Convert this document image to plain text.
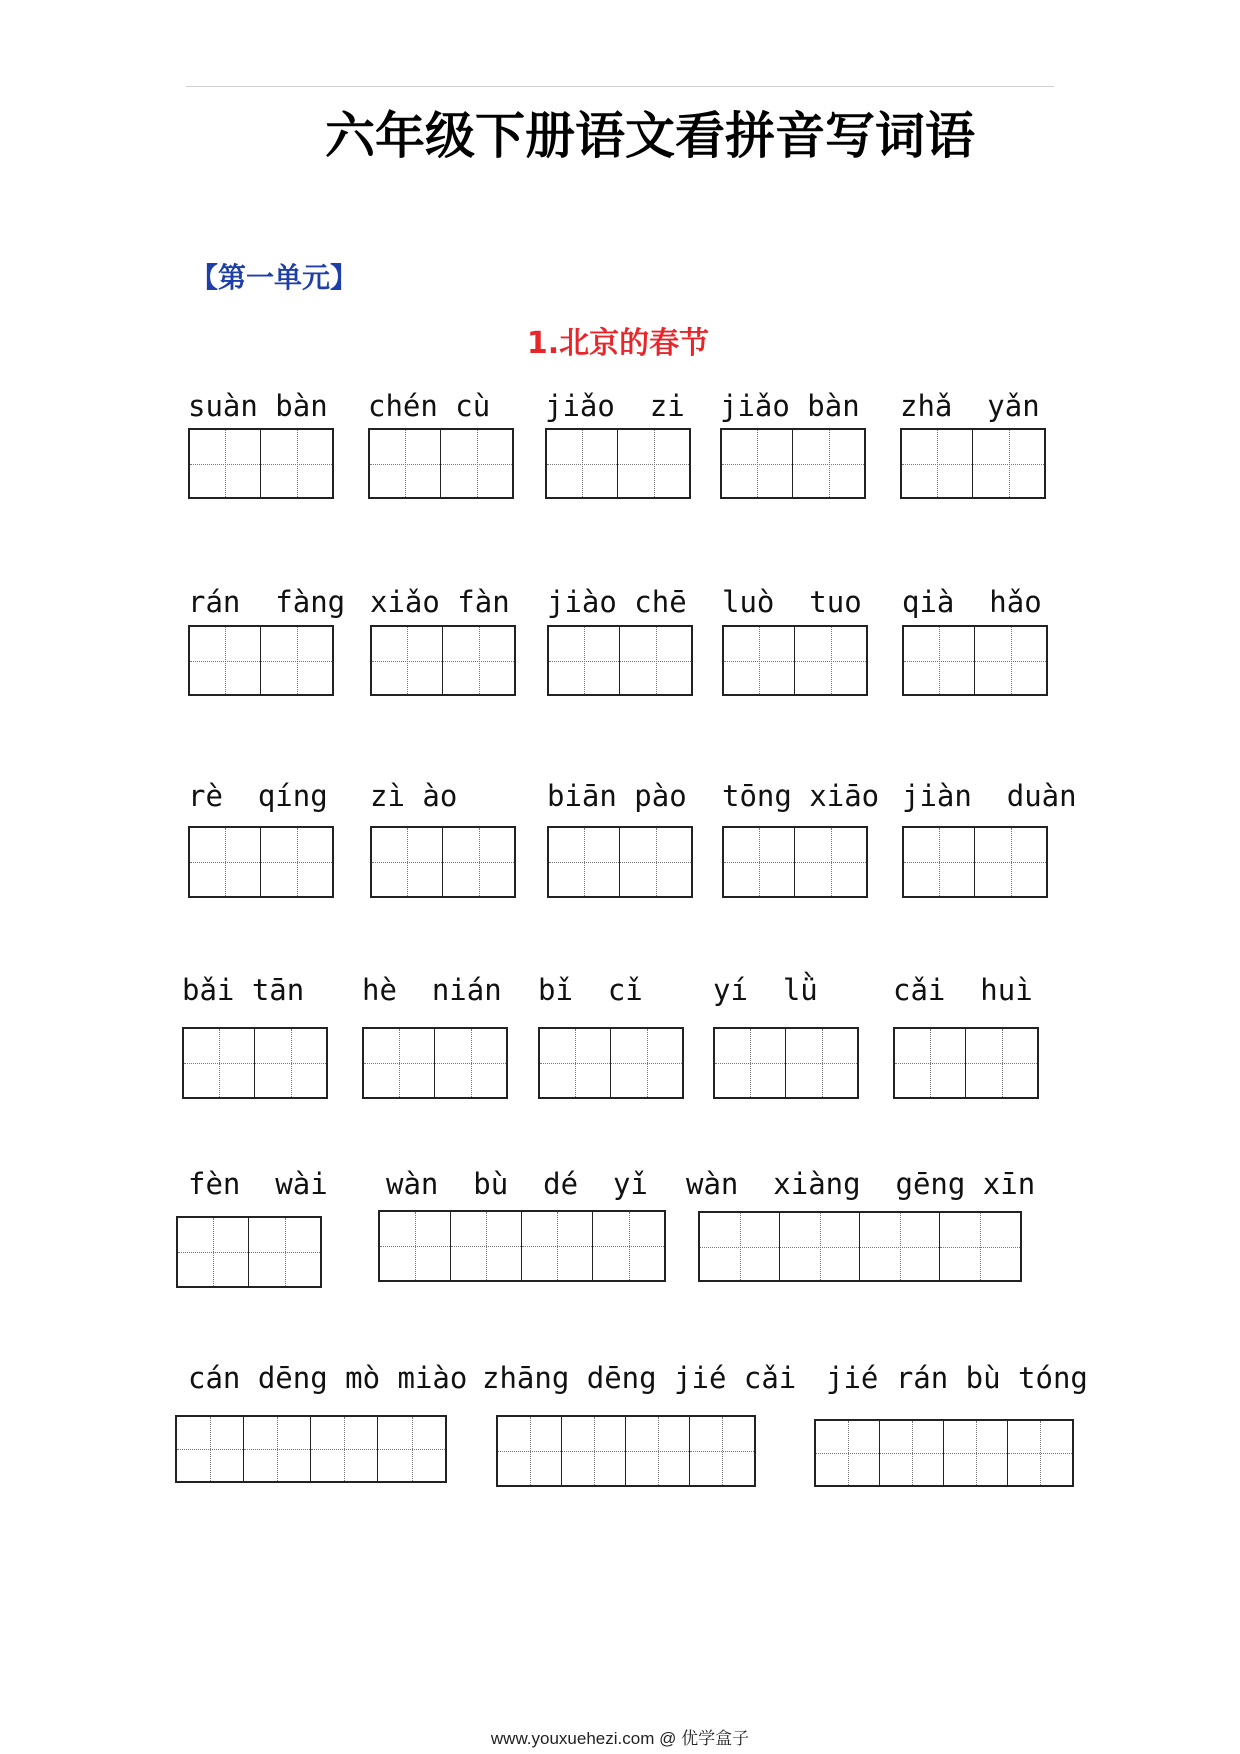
六年级下册语文看拼音写词语
【第一单元】
1.北京的春节
suàn bàn chén cù jiǎo  zi jiǎo bàn zhǎ  yǎn
rán  fàng xiǎo fàn jiào chē luò  tuo qià  hǎo
rè  qíng zì ào	biān pào tōng xiāo jiàn  duàn
bǎi tān hè  nián bǐ  cǐ yí  lǜ	cǎi  huì
fèn  wài wàn  bù  dé  yǐ wàn  xiàng  gēng xīn
cán dēng mò miào zhāng dēng jié cǎi jié rán bù tóng
www.youxuehezi.com @ 优学盒子
